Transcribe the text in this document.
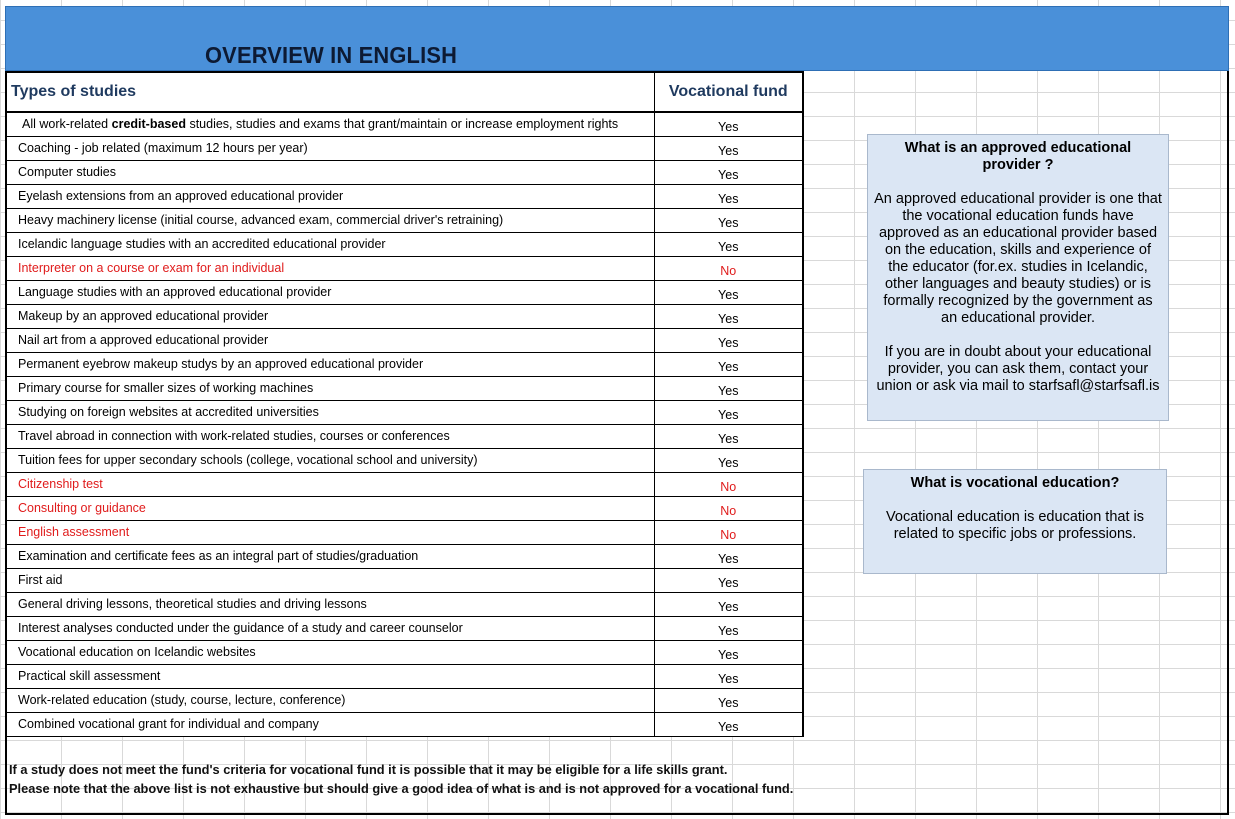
OVERVIEW IN ENGLISH
Types of studies	Vocational fund
All work-related credit-based studies, studies and exams that grant/maintain or increase employment rights	Yes
Coaching - job related (maximum 12 hours per year)	Yes
Computer studies	Yes
Eyelash extensions from an approved educational provider	Yes
Heavy machinery license (initial course, advanced exam, commercial driver's retraining)	Yes
Icelandic language studies with an accredited educational provider	Yes
Interpreter on a course or exam for an individual	No
Language studies with an approved educational provider	Yes
Makeup by an approved educational provider	Yes
Nail art from a approved educational provider	Yes
Permanent eyebrow makeup studys by an approved educational provider	Yes
Primary course for smaller sizes of working machines	Yes
Studying on foreign websites at accredited universities	Yes
Travel abroad in connection with work-related studies, courses or conferences	Yes
Tuition fees for upper secondary schools (college, vocational school and university)	Yes
Citizenship test	No
Consulting or guidance	No
English assessment	No
Examination and certificate fees as an integral part of studies/graduation	Yes
First aid	Yes
General driving lessons, theoretical studies and driving lessons	Yes
Interest analyses conducted under the guidance of a study and career counselor	Yes
Vocational education on Icelandic websites	Yes
Practical skill assessment	Yes
Work-related education (study, course, lecture, conference)	Yes
Combined vocational grant for individual and company	Yes
What is an approved educational provider ?
An approved educational provider is one that the vocational education funds have approved as an educational provider based on the education, skills and experience of the educator (for.ex. studies in Icelandic, other languages and beauty studies) or is formally recognized by the government as an educational provider.
If you are in doubt about your educational provider, you can ask them, contact your union or ask via mail to starfsafl@starfsafl.is
What is vocational education?
Vocational education is education that is related to specific jobs or professions.
If a study does not meet the fund's criteria for vocational fund it is possible that it may be eligible for a life skills grant.
Please note that the above list is not exhaustive but should give a good idea of what is and is not approved for a vocational fund.
